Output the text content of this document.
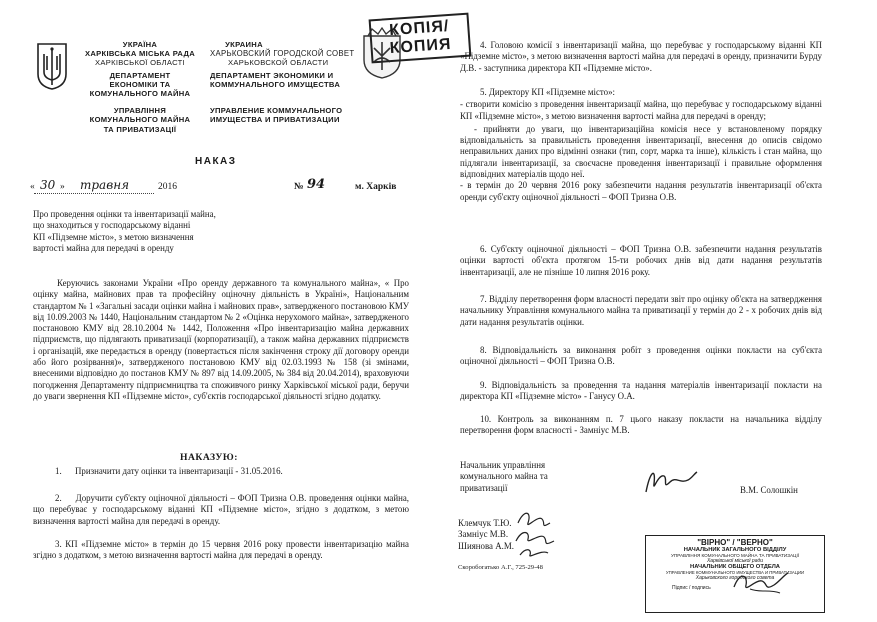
УКРАЇНА
ХАРКІВСЬКА МІСЬКА РАДА
ХАРКІВСЬКОЇ ОБЛАСТІ
ДЕПАРТАМЕНТ
ЕКОНОМІКИ ТА
КОМУНАЛЬНОГО МАЙНА
УПРАВЛІННЯ
КОМУНАЛЬНОГО МАЙНА
ТА ПРИВАТИЗАЦІЇ
УКРАИНА
ХАРЬКОВСКИЙ ГОРОДСКОЙ СОВЕТ
ХАРЬКОВСКОЙ ОБЛАСТИ
ДЕПАРТАМЕНТ ЭКОНОМИКИ И
КОММУНАЛЬНОГО ИМУЩЕСТВА
УПРАВЛЕНИЕ КОММУНАЛЬНОГО
ИМУЩЕСТВА И ПРИВАТИЗАЦИИ
КОПІЯ/
КОПИЯ
НАКАЗ
« 30 » травня	2016	№ 94	м. Харків
Про проведення оцінки та інвентаризації майна,
що знаходиться у господарському віданні
КП «Підземне місто», з метою визначення
вартості майна для передачі в оренду
Керуючись законами України «Про оренду державного та комунального майна», « Про оцінку майна, майнових прав та професійну оціночну діяльність в Україні», Національним стандартом № 1 «Загальні засади оцінки майна і майнових прав», затвердженого постановою КМУ від 10.09.2003 № 1440, Національним стандартом № 2 «Оцінка нерухомого майна», затвердженого постановою КМУ від 28.10.2004 № 1442, Положення «Про інвентаризацію майна державних підприємств, що підлягають приватизації (корпоратизації), а також майна державних підприємств і організацій, яке передається в оренду (повертається після закінчення строку дії договору оренди або його розірвання)», затвердженого постановою КМУ від 02.03.1993 № 158 (зі змінами, внесеними відповідно до постанов КМУ № 897 від 14.09.2005, № 384 від 20.04.2014), враховуючи погодження Департаменту підприємництва та споживчого ринку Харківської міської ради, беручи до уваги звернення КП «Підземне місто», суб'єктів господарської діяльності згідно додатку.
НАКАЗУЮ:

1. Призначити дату оцінки та інвентаризації - 31.05.2016.

2. Доручити суб'єкту оціночної діяльності – ФОП Тризна О.В. проведення оцінки майна, що перебуває у господарському віданні КП «Підземне місто», згідно з додатком, з метою визначення вартості майна для передачі в оренду.

3. КП «Підземне місто» в термін до 15 червня 2016 року провести інвентаризацію майна згідно з додатком, з метою визначення вартості майна для передачі в оренду.

4. Головою комісії з інвентаризації майна, що перебуває у господарському віданні КП «Підземне місто», з метою визначення вартості майна для передачі в оренду, призначити Бурду Д.В. - заступника директора КП «Підземне місто».

5. Директору КП «Підземне місто»:

- створити комісію з проведення інвентаризації майна, що перебуває у господарському віданні КП «Підземне місто», з метою визначення вартості майна для передачі в оренду;

- прийняти до уваги, що інвентаризаційна комісія несе у встановленому порядку відповідальність за правильність проведення інвентаризації, внесення до описів свідомо неправильних даних про відмінні ознаки (тип, сорт, марка та інше), кількість і стан майна, що підлягали інвентаризації, за своєчасне проведення інвентаризації і правильне оформлення відповідних матеріалів щодо неї.

- в термін до 20 червня 2016 року забезпечити надання результатів інвентаризації об'єкта оренди суб'єкту оціночної діяльності – ФОП Тризна О.В.

6. Суб'єкту оціночної діяльності – ФОП Тризна О.В. забезпечити надання результатів оцінки вартості об'єкта протягом 15-ти робочих днів від дати надання результатів інвентаризації, але не пізніше 10 липня 2016 року.

7. Відділу перетворення форм власності передати звіт про оцінку об'єкта на затвердження начальнику Управління комунального майна та приватизації у термін до 2 - х робочих днів від дати надання результатів оцінки.

8. Відповідальність за виконання робіт з проведення оцінки покласти на суб'єкта оціночної діяльності – ФОП Тризна О.В.

9. Відповідальність за проведення та надання матеріалів інвентаризації покласти на директора КП «Підземне місто» - Ганусу О.А.

10. Контроль за виконанням п. 7 цього наказу покласти на начальника відділу перетворення форм власності - Замніус М.В.

Начальник управління
комунального майна та
приватизації	В.М. Солошкін
Клемчук Т.Ю.
Замніус М.В.
Шиянова А.М.
Скоробогатько А.Г., 725-29-48
"ВІРНО" / "ВЕРНО"
НАЧАЛЬНИК ЗАГАЛЬНОГО ВІДДІЛУ
УПРАВЛІННЯ КОМУНАЛЬНОГО МАЙНА ТА ПРИВАТИЗАЦІЇ
Харківської міської ради
НАЧАЛЬНИК ОБЩЕГО ОТДЕЛА
УПРАВЛЕНИЕ КОММУНАЛЬНОГО ИМУЩЕСТВА И ПРИВАТИЗАЦИИ
Харьковского городского совета
Підпис / подпись
